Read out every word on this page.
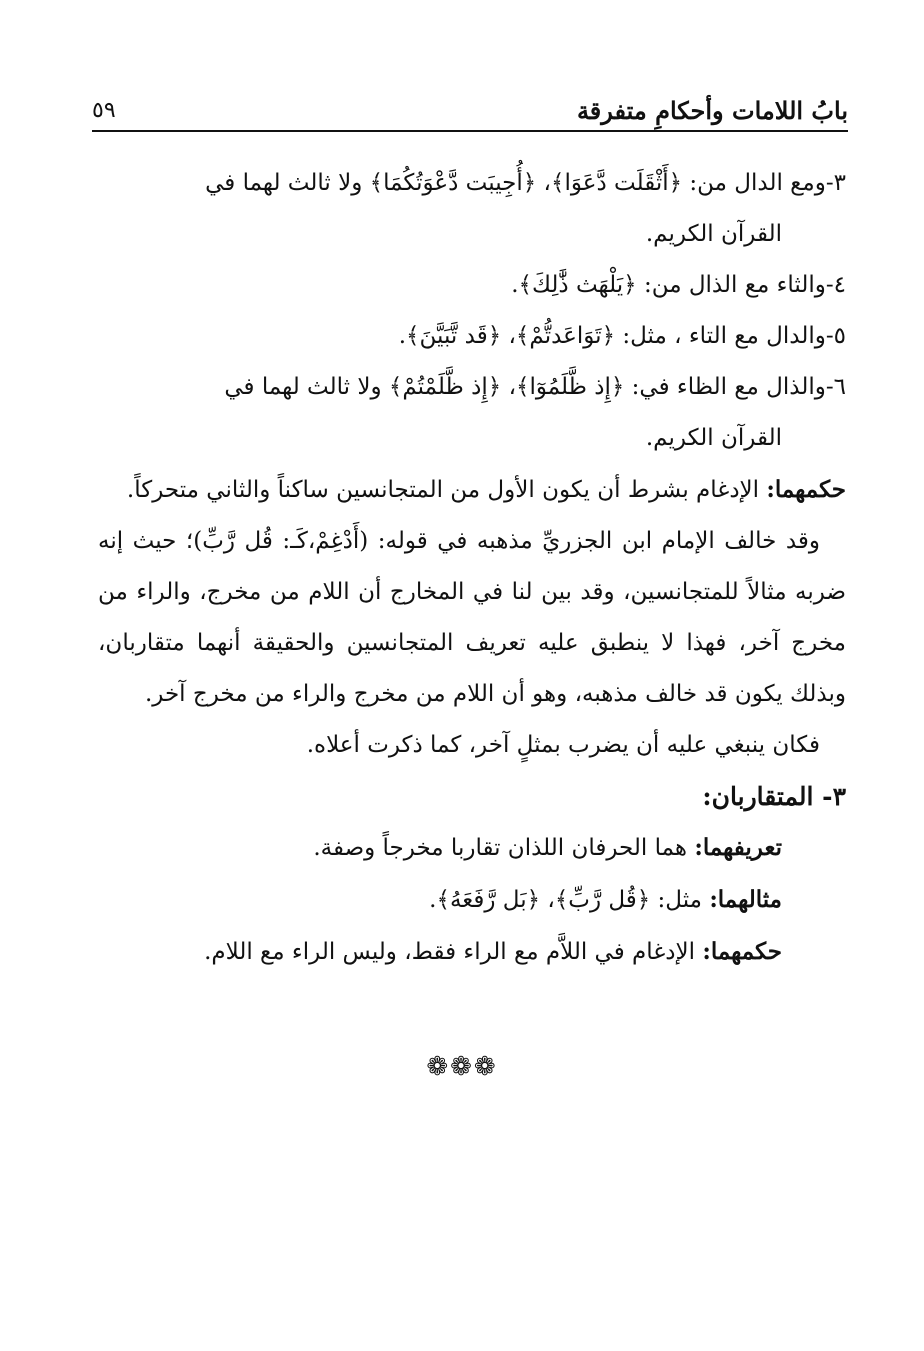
بابُ اللامات وأحكامِ متفرقة
٥٩

٣-ومع الدال من: ﴿أَثْقَلَت دَّعَوَا﴾، ﴿أُجِيبَت دَّعْوَتُكُمَا﴾ ولا ثالث لهما في

القرآن الكريم.

٤-والثاء مع الذال من: ﴿يَلْهَث ذَّٰلِكَ﴾.

٥-والدال مع التاء ، مثل: ﴿تَوَاعَدتُّمْ﴾، ﴿قَد تَّبَيَّنَ﴾.

٦-والذال مع الظاء في: ﴿إِذ ظَّلَمُوٓا﴾، ﴿إِذ ظَّلَمْتُمْ﴾ ولا ثالث لهما في

القرآن الكريم.

حكمهما: الإدغام بشرط أن يكون الأول من المتجانسين ساكناً والثاني متحركاً.

وقد خالف الإمام ابن الجزريِّ مذهبه في قوله: (أَدْغِمْ،كَـ: قُل رَّبِّ)؛ حيث إنه ضربه مثالاً للمتجانسين، وقد بين لنا في المخارج أن اللام من مخرج، والراء من مخرج آخر، فهذا لا ينطبق عليه تعريف المتجانسين والحقيقة أنهما متقاربان، وبذلك يكون قد خالف مذهبه، وهو أن اللام من مخرج والراء من مخرج آخر.

فكان ينبغي عليه أن يضرب بمثلٍ آخر، كما ذكرت أعلاه.

٣- المتقاربان:

تعريفهما: هما الحرفان اللذان تقاربا مخرجاً وصفة.

مثالهما: مثل: ﴿قُل رَّبِّ﴾، ﴿بَل رَّفَعَهُ﴾.

حكمهما: الإدغام في اللاَّم مع الراء فقط، وليس الراء مع اللام.

❁❁❁
